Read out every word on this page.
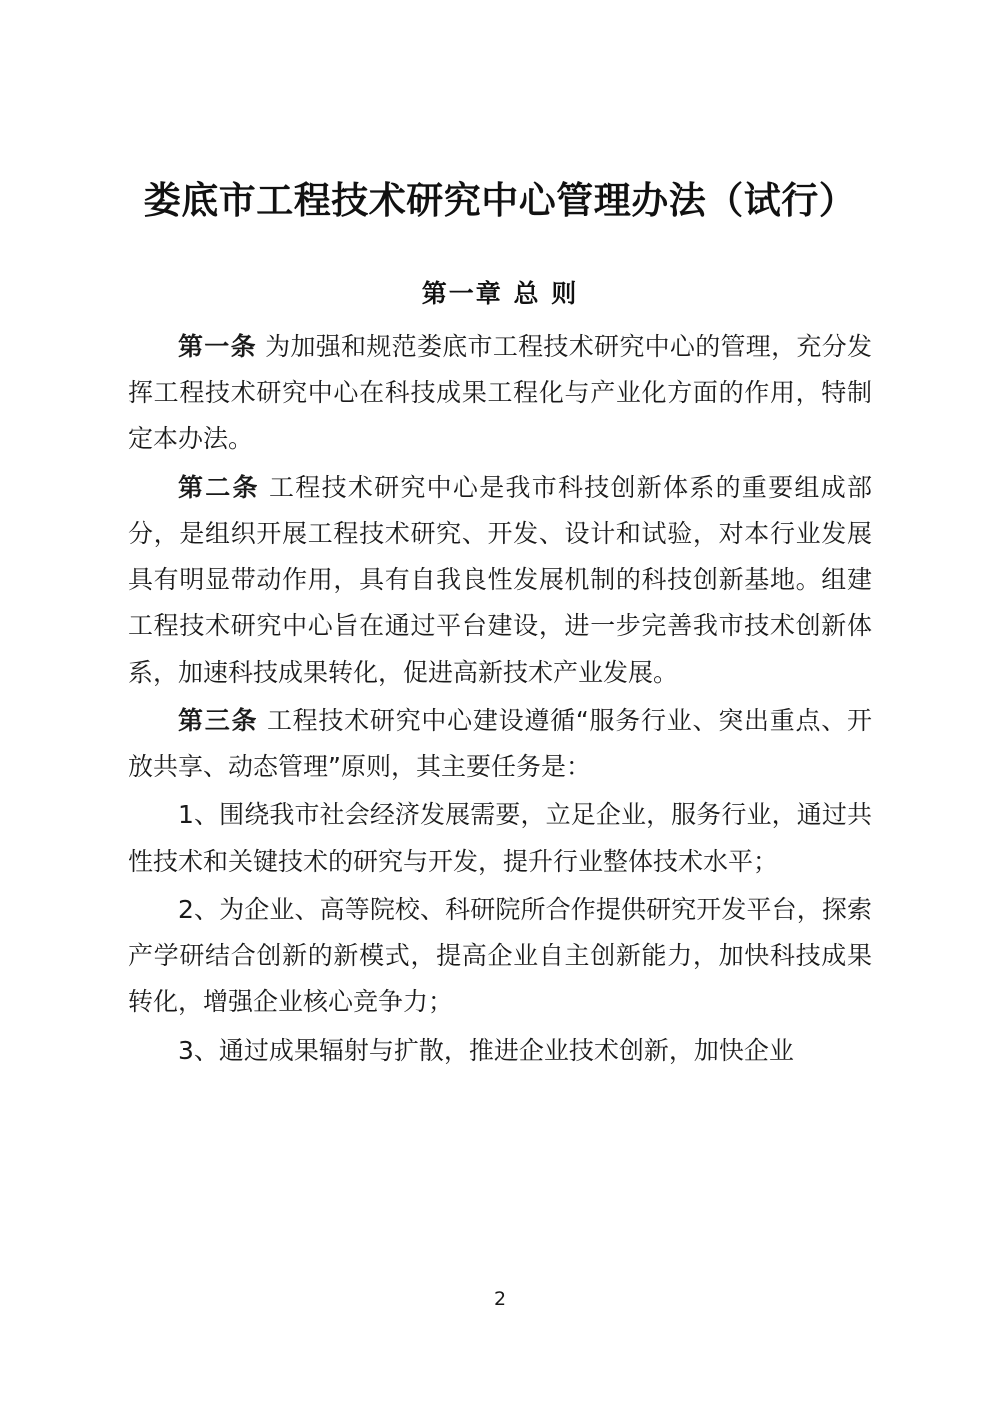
娄底市工程技术研究中心管理办法（试行）
第一章 总 则

第一条 为加强和规范娄底市工程技术研究中心的管理，充分发挥工程技术研究中心在科技成果工程化与产业化方面的作用，特制定本办法。

第二条 工程技术研究中心是我市科技创新体系的重要组成部分，是组织开展工程技术研究、开发、设计和试验，对本行业发展具有明显带动作用，具有自我良性发展机制的科技创新基地。组建工程技术研究中心旨在通过平台建设，进一步完善我市技术创新体系，加速科技成果转化，促进高新技术产业发展。

第三条 工程技术研究中心建设遵循“服务行业、突出重点、开放共享、动态管理”原则，其主要任务是：

1、围绕我市社会经济发展需要，立足企业，服务行业，通过共性技术和关键技术的研究与开发，提升行业整体技术水平；

2、为企业、高等院校、科研院所合作提供研究开发平台，探索产学研结合创新的新模式，提高企业自主创新能力，加快科技成果转化，增强企业核心竞争力；

3、通过成果辐射与扩散，推进企业技术创新，加快企业

2
